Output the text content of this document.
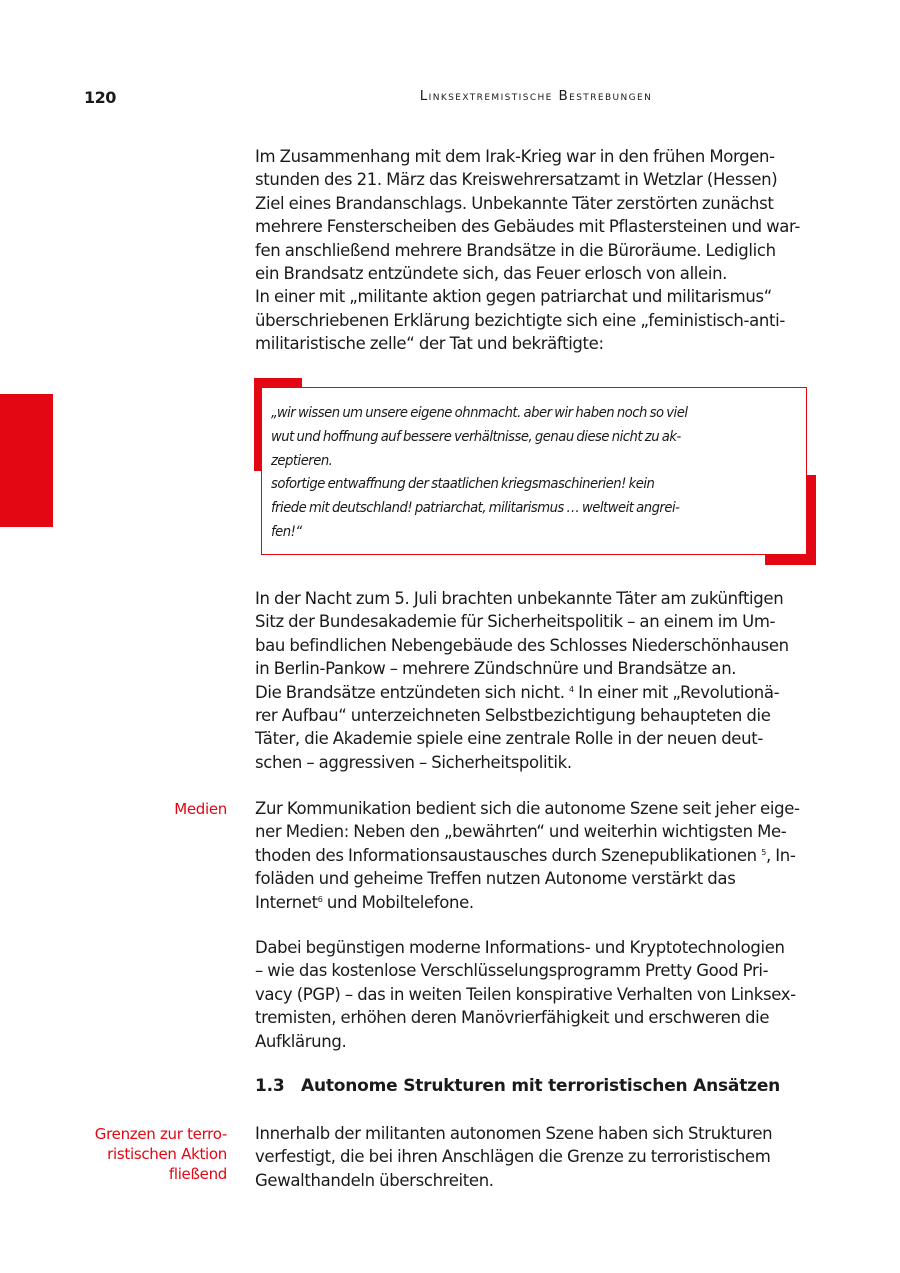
120	Linksextremistische Bestrebungen
Im Zusammenhang mit dem Irak-Krieg war in den frühen Morgen-
stunden des 21. März das Kreiswehrersatzamt in Wetzlar (Hessen)
Ziel eines Brandanschlags. Unbekannte Täter zerstörten zunächst
mehrere Fensterscheiben des Gebäudes mit Pflastersteinen und war-
fen anschließend mehrere Brandsätze in die Büroräume. Lediglich
ein Brandsatz entzündete sich, das Feuer erlosch von allein.
In einer mit „militante aktion gegen patriarchat und militarismus“
überschriebenen Erklärung bezichtigte sich eine „feministisch-anti-
militaristische zelle“ der Tat und bekräftigte:
„wir wissen um unsere eigene ohnmacht. aber wir haben noch so viel
wut und hoffnung auf bessere verhältnisse, genau diese nicht zu ak-
zeptieren.
sofortige entwaffnung der staatlichen kriegsmaschinerien! kein
friede mit deutschland! patriarchat, militarismus … weltweit angrei-
fen!“
In der Nacht zum 5. Juli brachten unbekannte Täter am zukünftigen
Sitz der Bundesakademie für Sicherheitspolitik – an einem im Um-
bau befindlichen Nebengebäude des Schlosses Niederschönhausen
in Berlin-Pankow – mehrere Zündschnüre und Brandsätze an.
Die Brandsätze entzündeten sich nicht. $^4$ In einer mit „Revolutionä-
rer Aufbau“ unterzeichneten Selbstbezichtigung behaupteten die
Täter, die Akademie spiele eine zentrale Rolle in der neuen deut-
schen – aggressiven – Sicherheitspolitik.
Medien Zur Kommunikation bedient sich die autonome Szene seit jeher eige-
ner Medien: Neben den „bewährten“ und weiterhin wichtigsten Me-
thoden des Informationsaustausches durch Szenepublikationen $^5$, In-
foläden und geheime Treffen nutzen Autonome verstärkt das
Internet$^6$ und Mobiltelefone.
Dabei begünstigen moderne Informations- und Kryptotechnologien
– wie das kostenlose Verschlüsselungsprogramm Pretty Good Pri-
vacy (PGP) – das in weiten Teilen konspirative Verhalten von Linksex-
tremisten, erhöhen deren Manövrierfähigkeit und erschweren die
Aufklärung.
1.3 Autonome Strukturen mit terroristischen Ansätzen
Grenzen zur terro-
ristischen Aktion
fließend
Innerhalb der militanten autonomen Szene haben sich Strukturen
verfestigt, die bei ihren Anschlägen die Grenze zu terroristischem
Gewalthandeln überschreiten.
